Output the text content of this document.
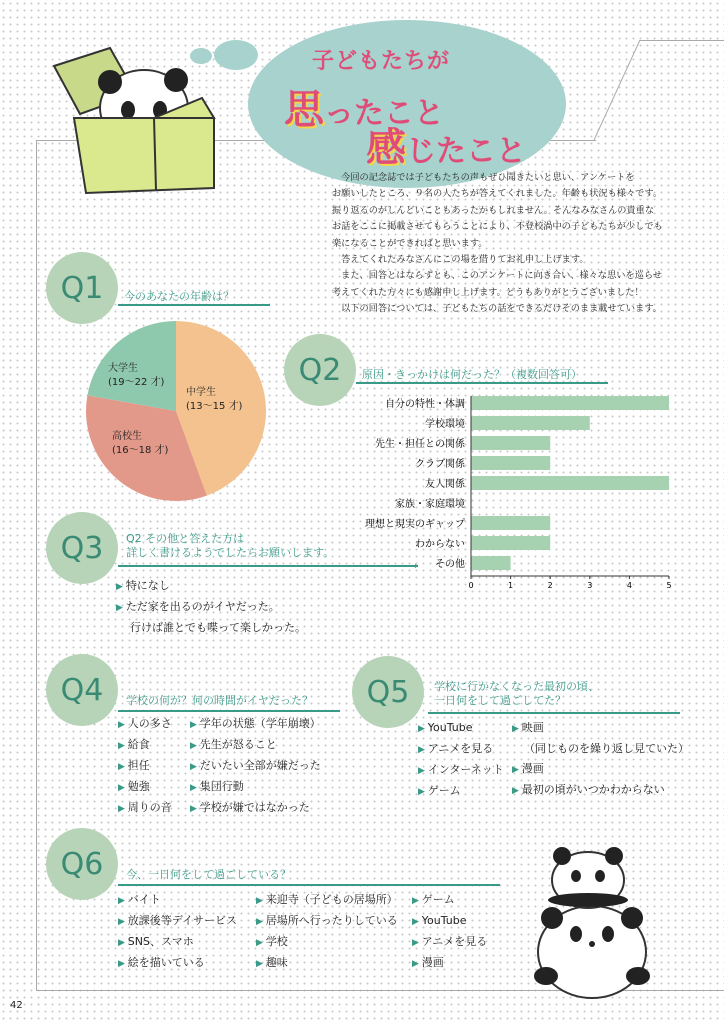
子どもたちが
思ったこと
感じたこと

　今回の記念誌では子どもたちの声もぜひ聞きたいと思い、アンケートを

お願いしたところ、９名の人たちが答えてくれました。年齢も状況も様々です。

振り返るのがしんどいこともあったかもしれません。そんなみなさんの貴重な

お話をここに掲載させてもらうことにより、不登校渦中の子どもたちが少しでも

楽になることができればと思います。

　答えてくれたみなさんにこの場を借りてお礼申し上げます。

　また、回答とはならずとも、このアンケートに向き合い、様々な思いを巡らせ

考えてくれた方々にも感謝申し上げます。どうもありがとうございました！

　以下の回答については、子どもたちの話をできるだけそのまま載せています。

Q1 今のあなたの年齢は？
中学生
(13〜15 才)
高校生
(16〜18 才)
大学生
(19〜22 才)	Q2 原因・きっかけは何だった？（複数回答可）
自分の特性・体調
学校環境
先生・担任との関係
クラブ関係
友人関係
家族・家庭環境
理想と現実のギャップ
わからない
その他
0	1	2	3	4	5
Q3 Q2 その他と答えた方は
詳しく書けるようでしたらお願いします。
›
▶ 特になし
▶ ただ家を出るのがイヤだった。
行けば誰とでも喋って楽しかった。
Q4 学校の何が？何の時間がイヤだった？
▶ 人の多さ
▶ 給食
▶ 担任
▶ 勉強
▶ 周りの音
▶ 学年の状態（学年崩壊）
▶ 先生が怒ること
▶ だいたい全部が嫌だった
▶ 集団行動
▶ 学校が嫌ではなかった
Q5 学校に行かなくなった最初の頃、
一日何をして過ごしてた？
▶ YouTube
▶ アニメを見る
▶ インターネット
▶ ゲーム
▶ 映画
（同じものを繰り返し見ていた）
▶ 漫画
▶ 最初の頃がいつかわからない
Q6 今、一日何をして過ごしている？
▶ バイト
▶ 放課後等デイサービス
▶ SNS、スマホ
▶ 絵を描いている
▶ 来迎寺（子どもの居場所）
▶ 居場所へ行ったりしている
▶ 学校
▶ 趣味
▶ ゲーム
▶ YouTube
▶ アニメを見る
▶ 漫画
42
